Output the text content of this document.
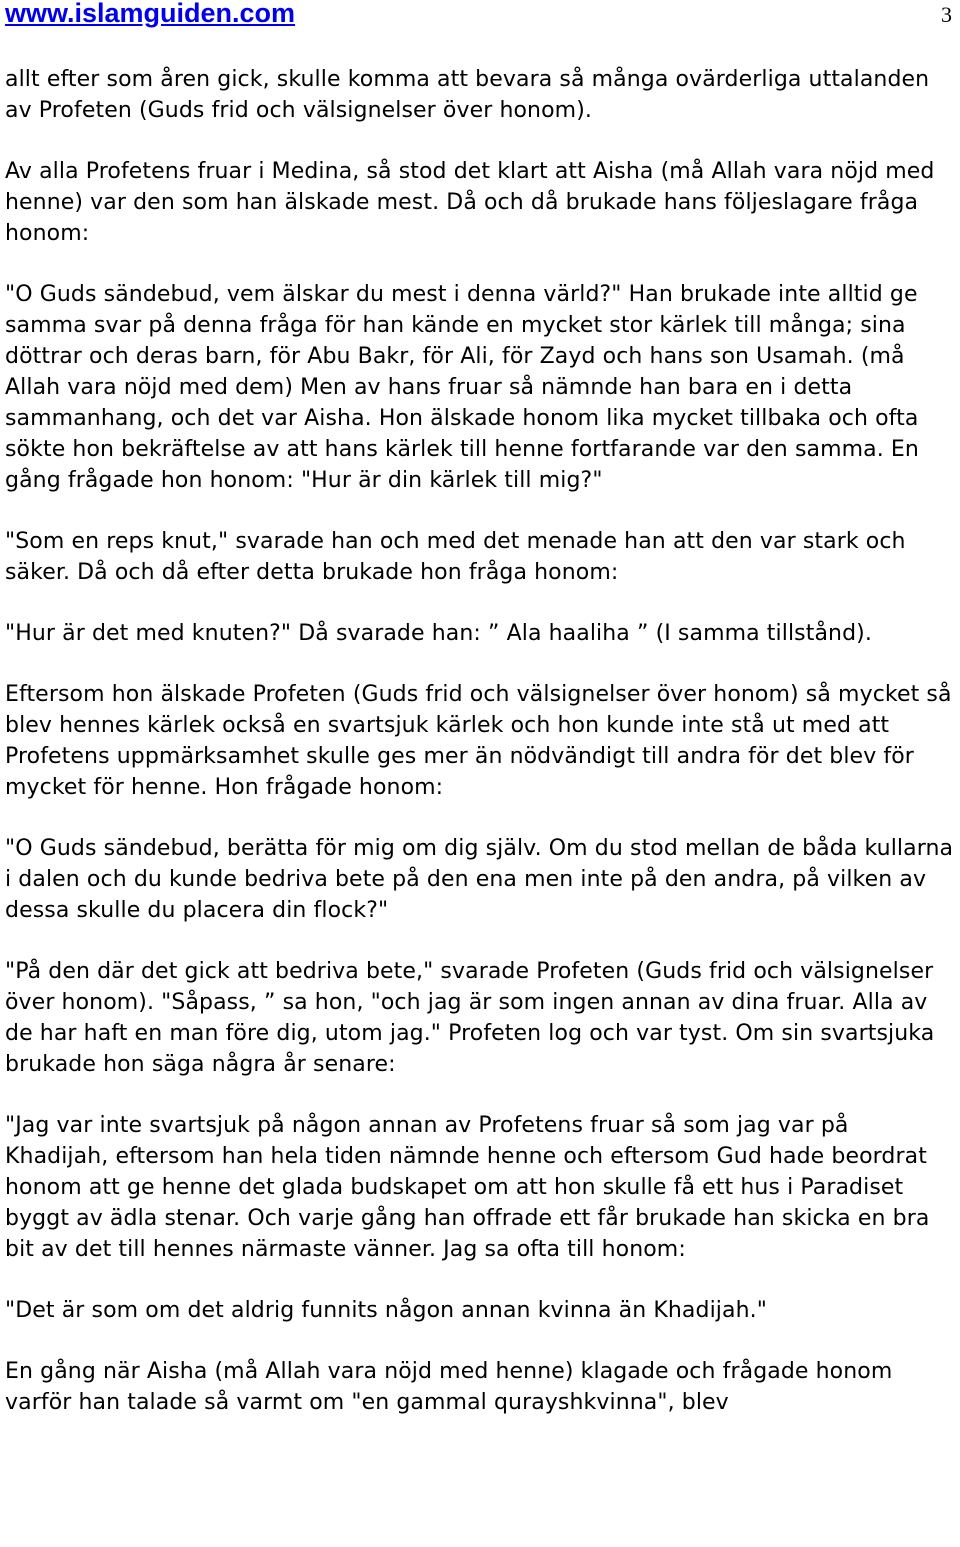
www.islamguiden.com	3

allt efter som åren gick, skulle komma att bevara så många ovärderliga uttalanden av Profeten (Guds frid och välsignelser över honom).

Av alla Profetens fruar i Medina, så stod det klart att Aisha (må Allah vara nöjd med henne) var den som han älskade mest. Då och då brukade hans följeslagare fråga honom:

"O Guds sändebud, vem älskar du mest i denna värld?" Han brukade inte alltid ge samma svar på denna fråga för han kände en mycket stor kärlek till många; sina döttrar och deras barn, för Abu Bakr, för Ali, för Zayd och hans son Usamah. (må Allah vara nöjd med dem) Men av hans fruar så nämnde han bara en i detta sammanhang, och det var Aisha. Hon älskade honom lika mycket tillbaka och ofta sökte hon bekräftelse av att hans kärlek till henne fortfarande var den samma. En gång frågade hon honom: "Hur är din kärlek till mig?"

"Som en reps knut," svarade han och med det menade han att den var stark och säker. Då och då efter detta brukade hon fråga honom:

"Hur är det med knuten?" Då svarade han: ” Ala haaliha ” (I samma tillstånd).

Eftersom hon älskade Profeten (Guds frid och välsignelser över honom) så mycket så blev hennes kärlek också en svartsjuk kärlek och hon kunde inte stå ut med att Profetens uppmärksamhet skulle ges mer än nödvändigt till andra för det blev för mycket för henne. Hon frågade honom:

"O Guds sändebud, berätta för mig om dig själv. Om du stod mellan de båda kullarna i dalen och du kunde bedriva bete på den ena men inte på den andra, på vilken av dessa skulle du placera din flock?"

"På den där det gick att bedriva bete," svarade Profeten (Guds frid och välsignelser över honom). "Såpass, ” sa hon, "och jag är som ingen annan av dina fruar. Alla av de har haft en man före dig, utom jag." Profeten log och var tyst. Om sin svartsjuka brukade hon säga några år senare:

"Jag var inte svartsjuk på någon annan av Profetens fruar så som jag var på Khadijah, eftersom han hela tiden nämnde henne och eftersom Gud hade beordrat honom att ge henne det glada budskapet om att hon skulle få ett hus i Paradiset byggt av ädla stenar. Och varje gång han offrade ett får brukade han skicka en bra bit av det till hennes närmaste vänner. Jag sa ofta till honom:

"Det är som om det aldrig funnits någon annan kvinna än Khadijah."

En gång när Aisha (må Allah vara nöjd med henne) klagade och frågade honom varför han talade så varmt om "en gammal qurayshkvinna", blev
